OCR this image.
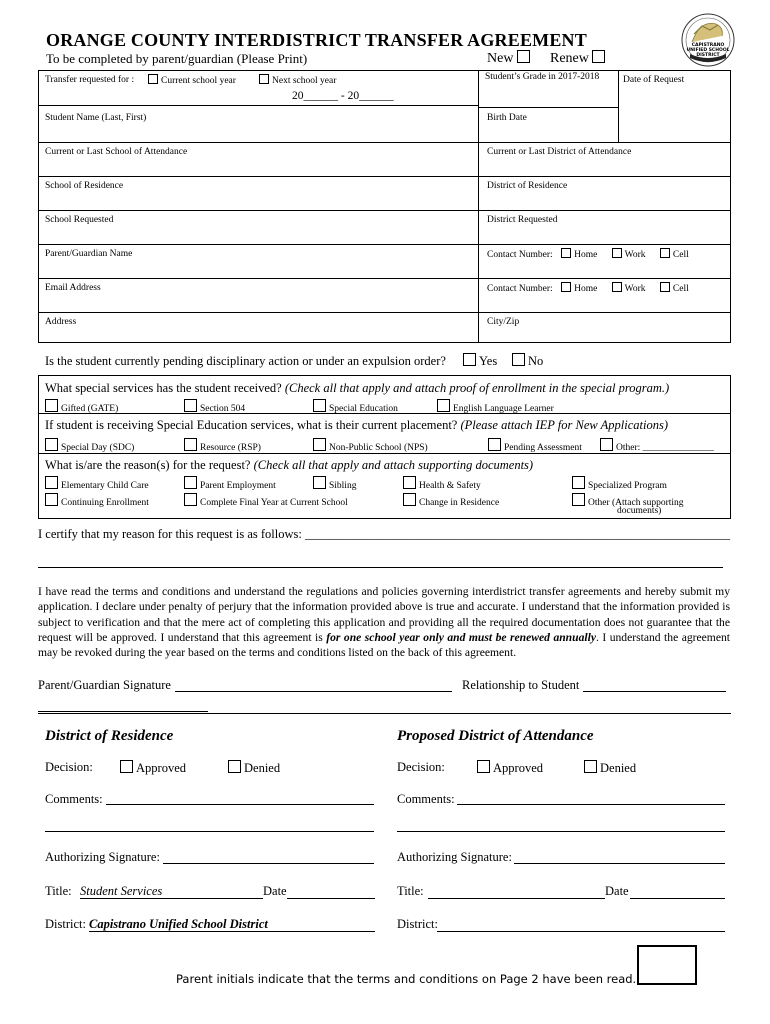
ORANGE COUNTY INTERDISTRICT TRANSFER AGREEMENT
To be completed by parent/guardian (Please Print)	New	Renew
CAPISTRANO UNIFIED SCHOOL DISTRICT
Transfer requested for :	Current school year	Next school year
20______ - 20______
Student’s Grade in 2017-2018 Date of Request
Student Name (Last, First)	Birth Date
Current or Last School of Attendance	Current or Last District of Attendance
School of Residence	District of Residence
School Requested	District Requested
Parent/Guardian Name	Contact Number: Home	Work	Cell
Email Address	Contact Number: Home	Work	Cell
Address	City/Zip
Is the student currently pending disciplinary action or under an expulsion order?	Yes	No
What special services has the student received? (Check all that apply and attach proof of enrollment in the special program.)
Gifted (GATE)	Section 504	Special Education	English Language Learner
If student is receiving Special Education services, what is their current placement? (Please attach IEP for New Applications)
Special Day (SDC)	Resource (RSP)	Non-Public School (NPS)	Pending Assessment	Other: _______________
What is/are the reason(s) for the request? (Check all that apply and attach supporting documents)
Elementary Child Care	Parent Employment	Sibling	Health & Safety	Specialized Program
Continuing Enrollment	Complete Final Year at Current School	Change in Residence	Other (Attach supporting
documents)
I certify that my reason for this request is as follows: ____________________________________________________________________
I have read the terms and conditions and understand the regulations and policies governing interdistrict transfer agreements and hereby submit my application. I declare under penalty of perjury that the information provided above is true and accurate. I understand that the information provided is subject to verification and that the mere act of completing this application and providing all the required documentation does not guarantee that the request will be approved. I understand that this agreement is for one school year only and must be renewed annually. I understand the agreement may be revoked during the year based on the terms and conditions listed on the back of this agreement.
Parent/Guardian Signature	Relationship to Student
District of Residence	Proposed District of Attendance
Decision:	Approved	Denied
Comments:
Authorizing Signature:
Title: Student Services	Date
District: Capistrano Unified School District
Decision:	Approved	Denied
Comments:
Authorizing Signature:
Title:	Date
District:
Parent initials indicate that the terms and conditions on Page 2 have been read.
